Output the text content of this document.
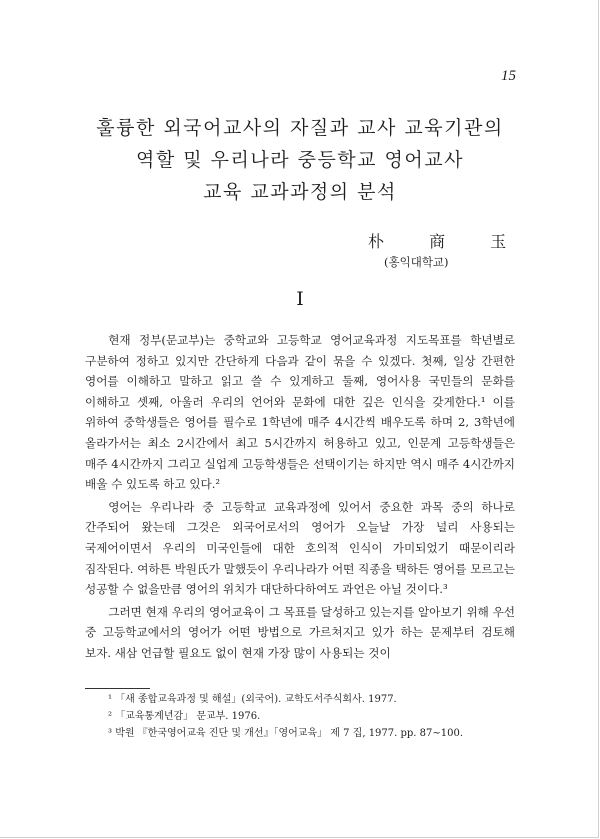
15
훌륭한 외국어교사의 자질과 교사 교육기관의
역할 및 우리나라 중등학교 영어교사
교육 교과과정의 분석
朴 商 玉
(홍익대학교)
I

현재 정부(문교부)는 중학교와 고등학교 영어교육과정 지도목표를 학년별로 구분하여 정하고 있지만 간단하게 다음과 같이 묶을 수 있겠다. 첫째, 일상 간편한 영어를 이해하고 말하고 읽고 쓸 수 있게하고 둘째, 영어사용 국민들의 문화를 이해하고 셋째, 아울러 우리의 언어와 문화에 대한 깊은 인식을 갖게한다.¹ 이를 위하여 중학생들은 영어를 필수로 1학년에 매주 4시간씩 배우도록 하며 2, 3학년에 올라가서는 최소 2시간에서 최고 5시간까지 허용하고 있고, 인문계 고등학생들은 매주 4시간까지 그리고 실업계 고등학생들은 선택이기는 하지만 역시 매주 4시간까지 배울 수 있도록 하고 있다.²

영어는 우리나라 중 고등학교 교육과정에 있어서 중요한 과목 중의 하나로 간주되어 왔는데 그것은 외국어로서의 영어가 오늘날 가장 널리 사용되는 국제어이면서 우리의 미국인들에 대한 호의적 인식이 가미되었기 때문이리라 짐작된다. 여하튼 박원氏가 말했듯이 우리나라가 어떤 직종을 택하든 영어를 모르고는 성공할 수 없을만큼 영어의 위치가 대단하다하여도 과언은 아닐 것이다.³

그러면 현재 우리의 영어교육이 그 목표를 달성하고 있는지를 알아보기 위해 우선 중 고등학교에서의 영어가 어떤 방법으로 가르쳐지고 있가 하는 문제부터 검토해 보자. 새삼 언급할 필요도 없이 현재 가장 많이 사용되는 것이

¹ 「새 종합교육과정 및 해설」(외국어). 교학도서주식회사. 1977.
² 「교육통계년감」 문교부. 1976.
³ 박원 『한국영어교육 진단 및 개선』「영어교육」 제 7 집, 1977. pp. 87∼100.
